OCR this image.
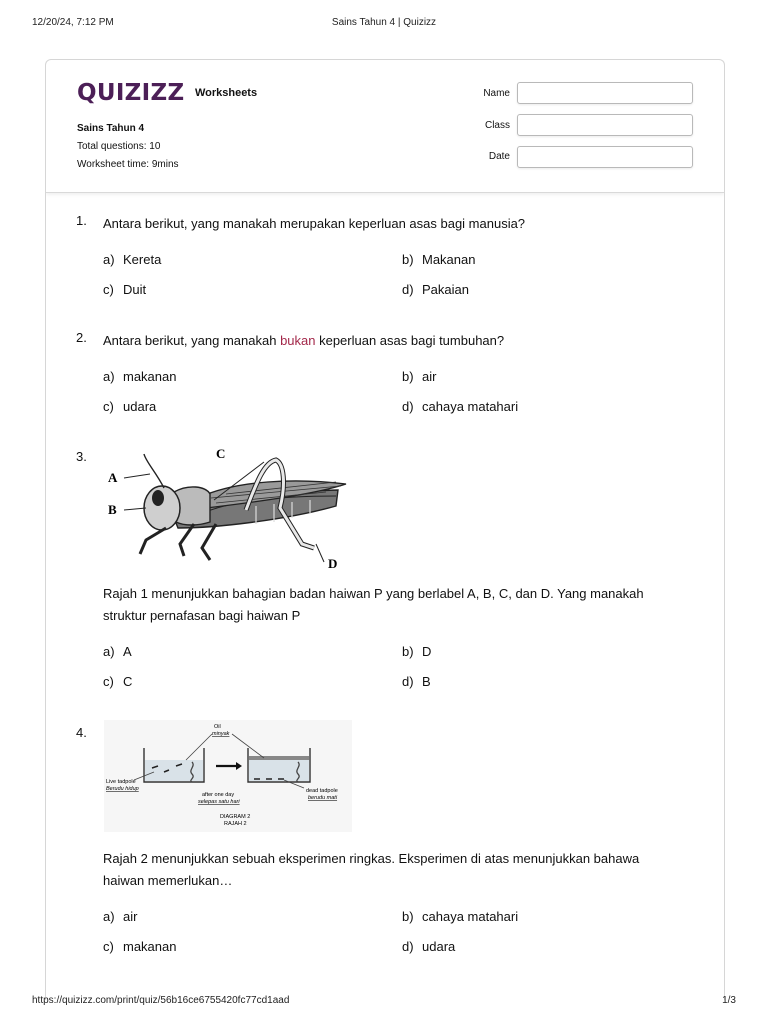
12/20/24, 7:12 PM	Sains Tahun 4 | Quizizz
QUIZIZZ Worksheets
Sains Tahun 4
Total questions: 10
Worksheet time: 9mins
Name
Class
Date
1. Antara berikut, yang manakah merupakan keperluan asas bagi manusia?
a) Kereta	b) Makanan
c) Duit	d) Pakaian
2. Antara berikut, yang manakah bukan keperluan asas bagi tumbuhan?
a) makanan	b) air
c) udara	d) cahaya matahari
3.
A
B
C
D
Rajah 1 menunjukkan bahagian badan haiwan P yang berlabel A, B, C, dan D. Yang manakah struktur pernafasan bagi haiwan P
a) A	b) D
c) C	d) B
4.	Oil
minyak
Live tadpole
Berudu hidup
after one day
selepas satu hari
dead tadpole
berudu mati
DIAGRAM 2
RAJAH 2
Rajah 2 menunjukkan sebuah eksperimen ringkas. Eksperimen di atas menunjukkan bahawa haiwan memerlukan…
a) air	b) cahaya matahari
c) makanan	d) udara
https://quizizz.com/print/quiz/56b16ce6755420fc77cd1aad	1/3
